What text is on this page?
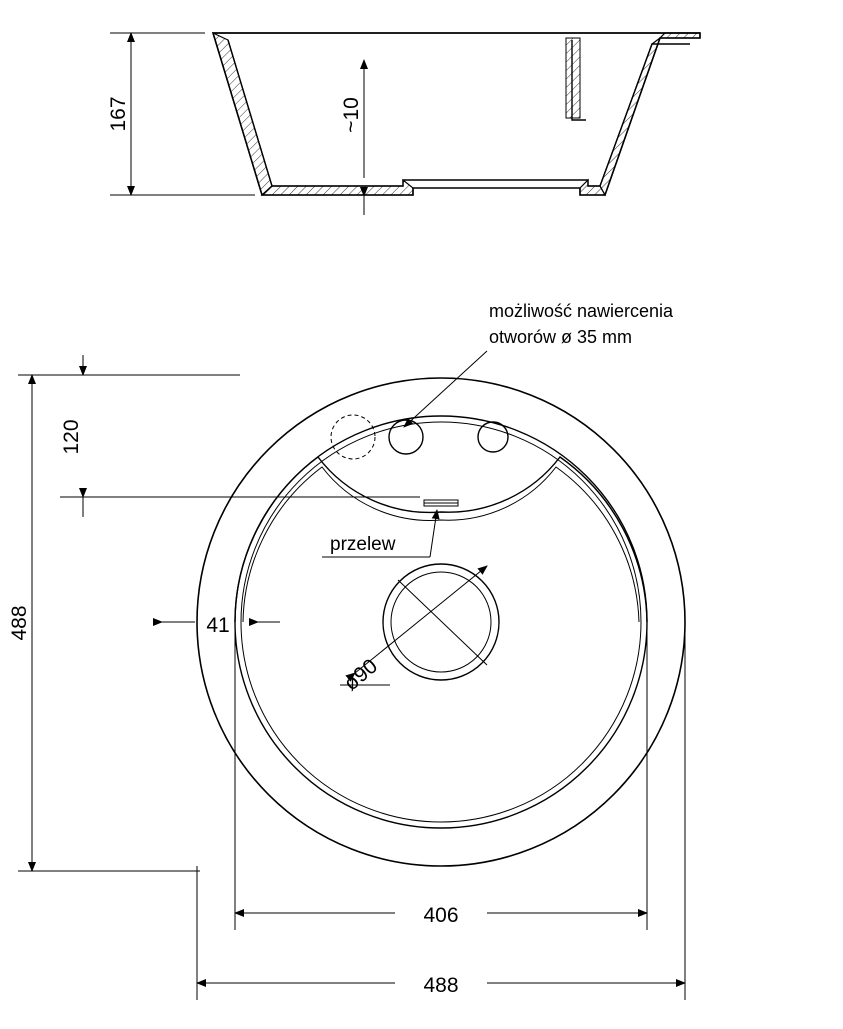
167	~10
możliwość nawiercenia
otworów ø 35 mm
przelew
120
488	41
ø90
406
488
